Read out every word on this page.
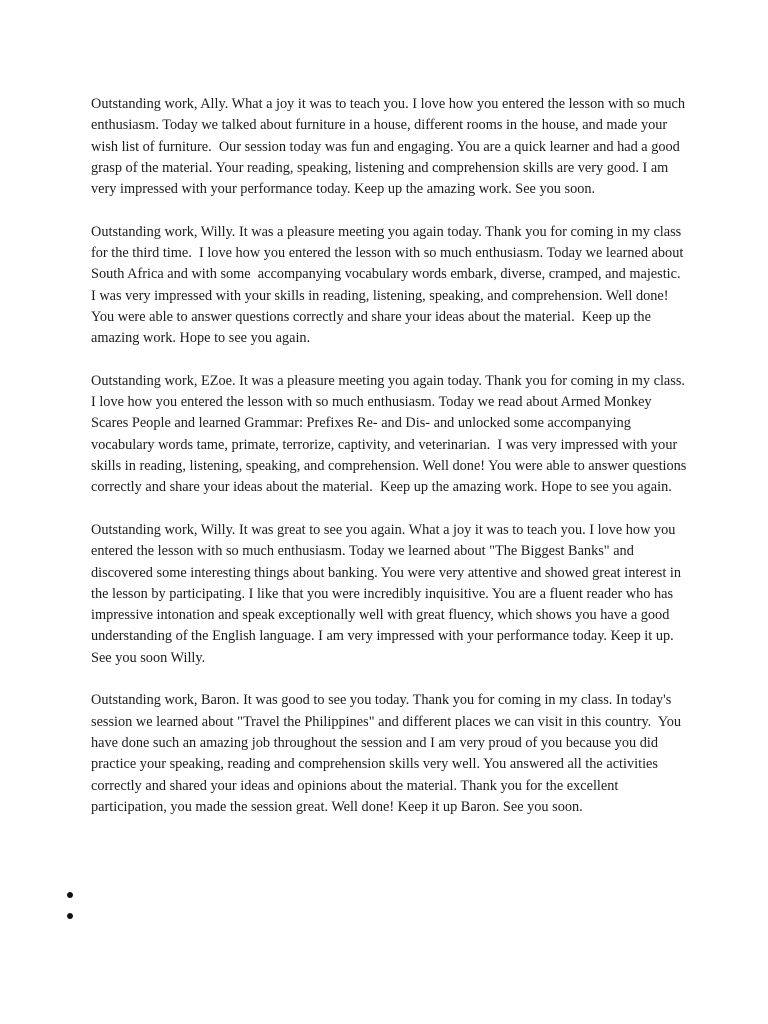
Outstanding work, Ally. What a joy it was to teach you. I love how you entered the lesson with so much enthusiasm. Today we talked about furniture in a house, different rooms in the house, and made your wish list of furniture.  Our session today was fun and engaging. You are a quick learner and had a good grasp of the material. Your reading, speaking, listening and comprehension skills are very good. I am very impressed with your performance today. Keep up the amazing work. See you soon.

Outstanding work, Willy. It was a pleasure meeting you again today. Thank you for coming in my class for the third time.  I love how you entered the lesson with so much enthusiasm. Today we learned about South Africa and with some  accompanying vocabulary words embark, diverse, cramped, and majestic.  I was very impressed with your skills in reading, listening, speaking, and comprehension. Well done! You were able to answer questions correctly and share your ideas about the material.  Keep up the amazing work. Hope to see you again.

Outstanding work, EZoe. It was a pleasure meeting you again today. Thank you for coming in my class.  I love how you entered the lesson with so much enthusiasm. Today we read about Armed Monkey Scares People and learned Grammar: Prefixes Re- and Dis- and unlocked some accompanying vocabulary words tame, primate, terrorize, captivity, and veterinarian.  I was very impressed with your skills in reading, listening, speaking, and comprehension. Well done! You were able to answer questions correctly and share your ideas about the material.  Keep up the amazing work. Hope to see you again.

Outstanding work, Willy. It was great to see you again. What a joy it was to teach you. I love how you entered the lesson with so much enthusiasm. Today we learned about "The Biggest Banks" and discovered some interesting things about banking. You were very attentive and showed great interest in the lesson by participating. I like that you were incredibly inquisitive. You are a fluent reader who has impressive intonation and speak exceptionally well with great fluency, which shows you have a good understanding of the English language. I am very impressed with your performance today. Keep it up. See you soon Willy.

Outstanding work, Baron. It was good to see you today. Thank you for coming in my class. In today's session we learned about "Travel the Philippines" and different places we can visit in this country.  You have done such an amazing job throughout the session and I am very proud of you because you did practice your speaking, reading and comprehension skills very well. You answered all the activities correctly and shared your ideas and opinions about the material. Thank you for the excellent participation, you made the session great. Well done! Keep it up Baron. See you soon.
